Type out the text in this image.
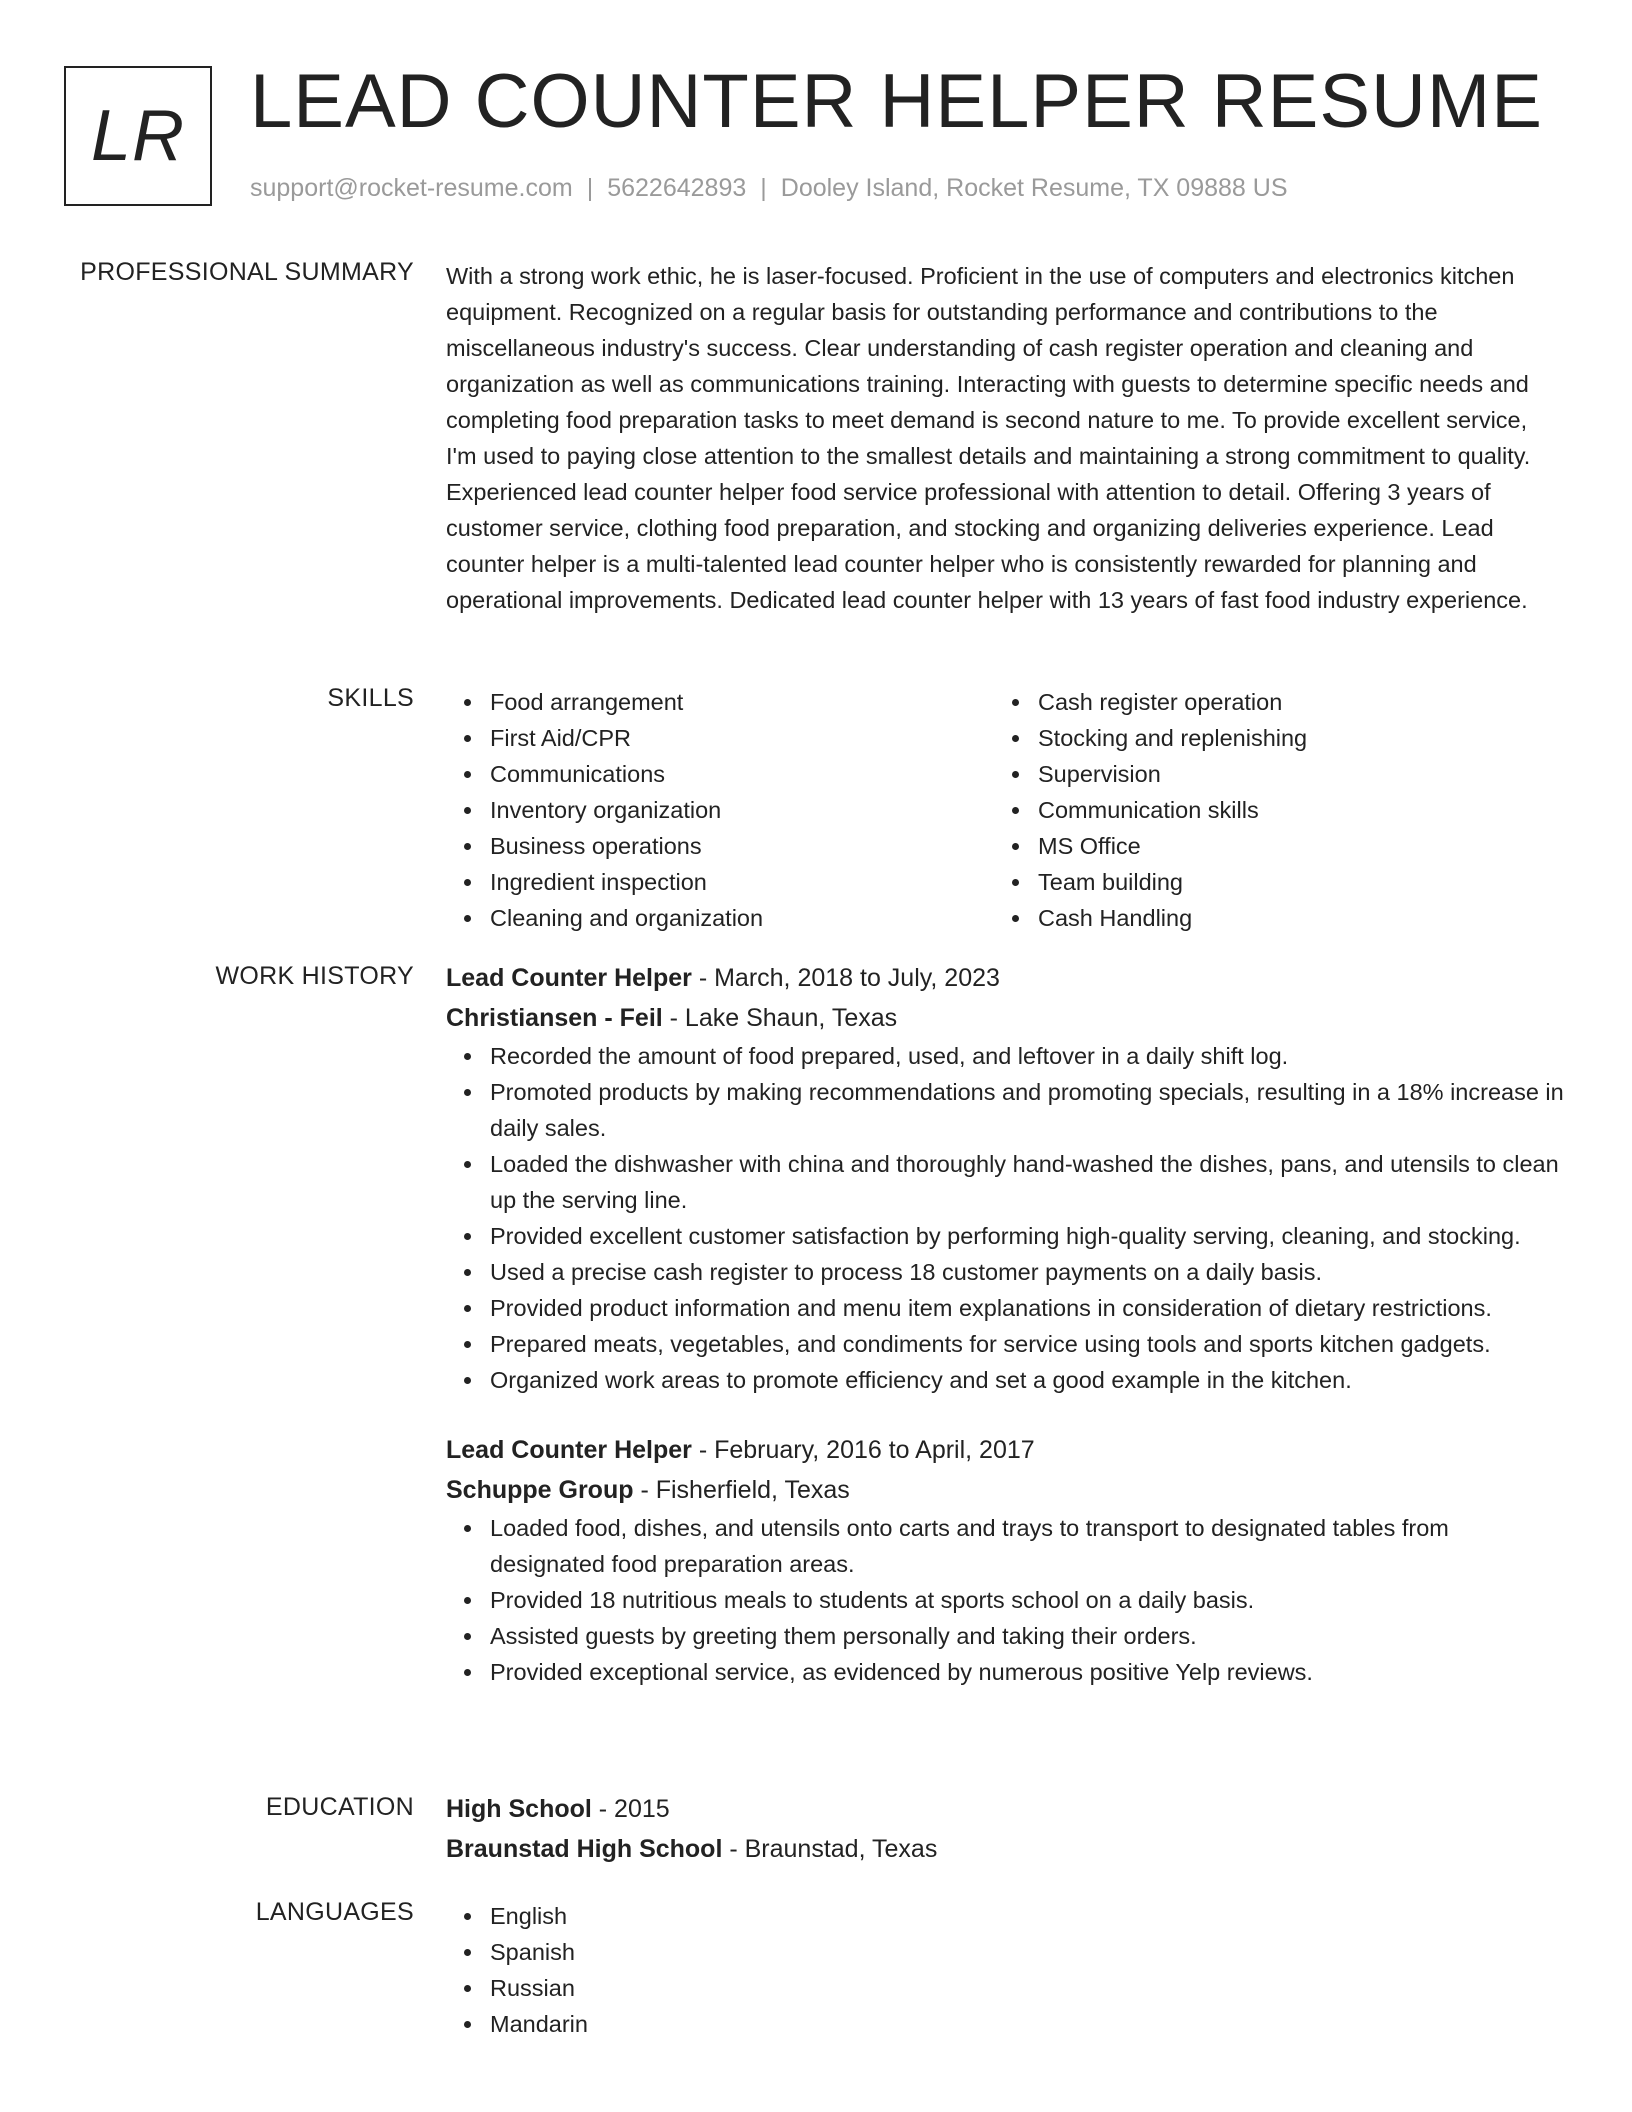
LR LEAD COUNTER HELPER RESUME
support@rocket-resume.com | 5622642893 | Dooley Island, Rocket Resume, TX 09888 US
PROFESSIONAL SUMMARY With a strong work ethic, he is laser-focused. Proficient in the use of computers and electronics kitchen equipment. Recognized on a regular basis for outstanding performance and contributions to the miscellaneous industry's success. Clear understanding of cash register operation and cleaning and organization as well as communications training. Interacting with guests to determine specific needs and completing food preparation tasks to meet demand is second nature to me. To provide excellent service, I'm used to paying close attention to the smallest details and maintaining a strong commitment to quality. Experienced lead counter helper food service professional with attention to detail. Offering 3 years of customer service, clothing food preparation, and stocking and organizing deliveries experience. Lead counter helper is a multi-talented lead counter helper who is consistently rewarded for planning and operational improvements. Dedicated lead counter helper with 13 years of fast food industry experience.

SKILLS	Food arrangement
First Aid/CPR
Communications
Inventory organization
Business operations
Ingredient inspection
Cleaning and organization
Cash register operation
Stocking and replenishing
Supervision
Communication skills
MS Office
Team building
Cash Handling
WORK HISTORY Lead Counter Helper - March, 2018 to July, 2023
Christiansen - Feil - Lake Shaun, Texas
Recorded the amount of food prepared, used, and leftover in a daily shift log.
Promoted products by making recommendations and promoting specials, resulting in a 18% increase in daily sales.
Loaded the dishwasher with china and thoroughly hand-washed the dishes, pans, and utensils to clean up the serving line.
Provided excellent customer satisfaction by performing high-quality serving, cleaning, and stocking.
Used a precise cash register to process 18 customer payments on a daily basis.
Provided product information and menu item explanations in consideration of dietary restrictions.
Prepared meats, vegetables, and condiments for service using tools and sports kitchen gadgets.
Organized work areas to promote efficiency and set a good example in the kitchen.
Lead Counter Helper - February, 2016 to April, 2017
Schuppe Group - Fisherfield, Texas
Loaded food, dishes, and utensils onto carts and trays to transport to designated tables from designated food preparation areas.
Provided 18 nutritious meals to students at sports school on a daily basis.
Assisted guests by greeting them personally and taking their orders.
Provided exceptional service, as evidenced by numerous positive Yelp reviews.
EDUCATION High School - 2015
Braunstad High School - Braunstad, Texas
LANGUAGES	English
Spanish
Russian
Mandarin
